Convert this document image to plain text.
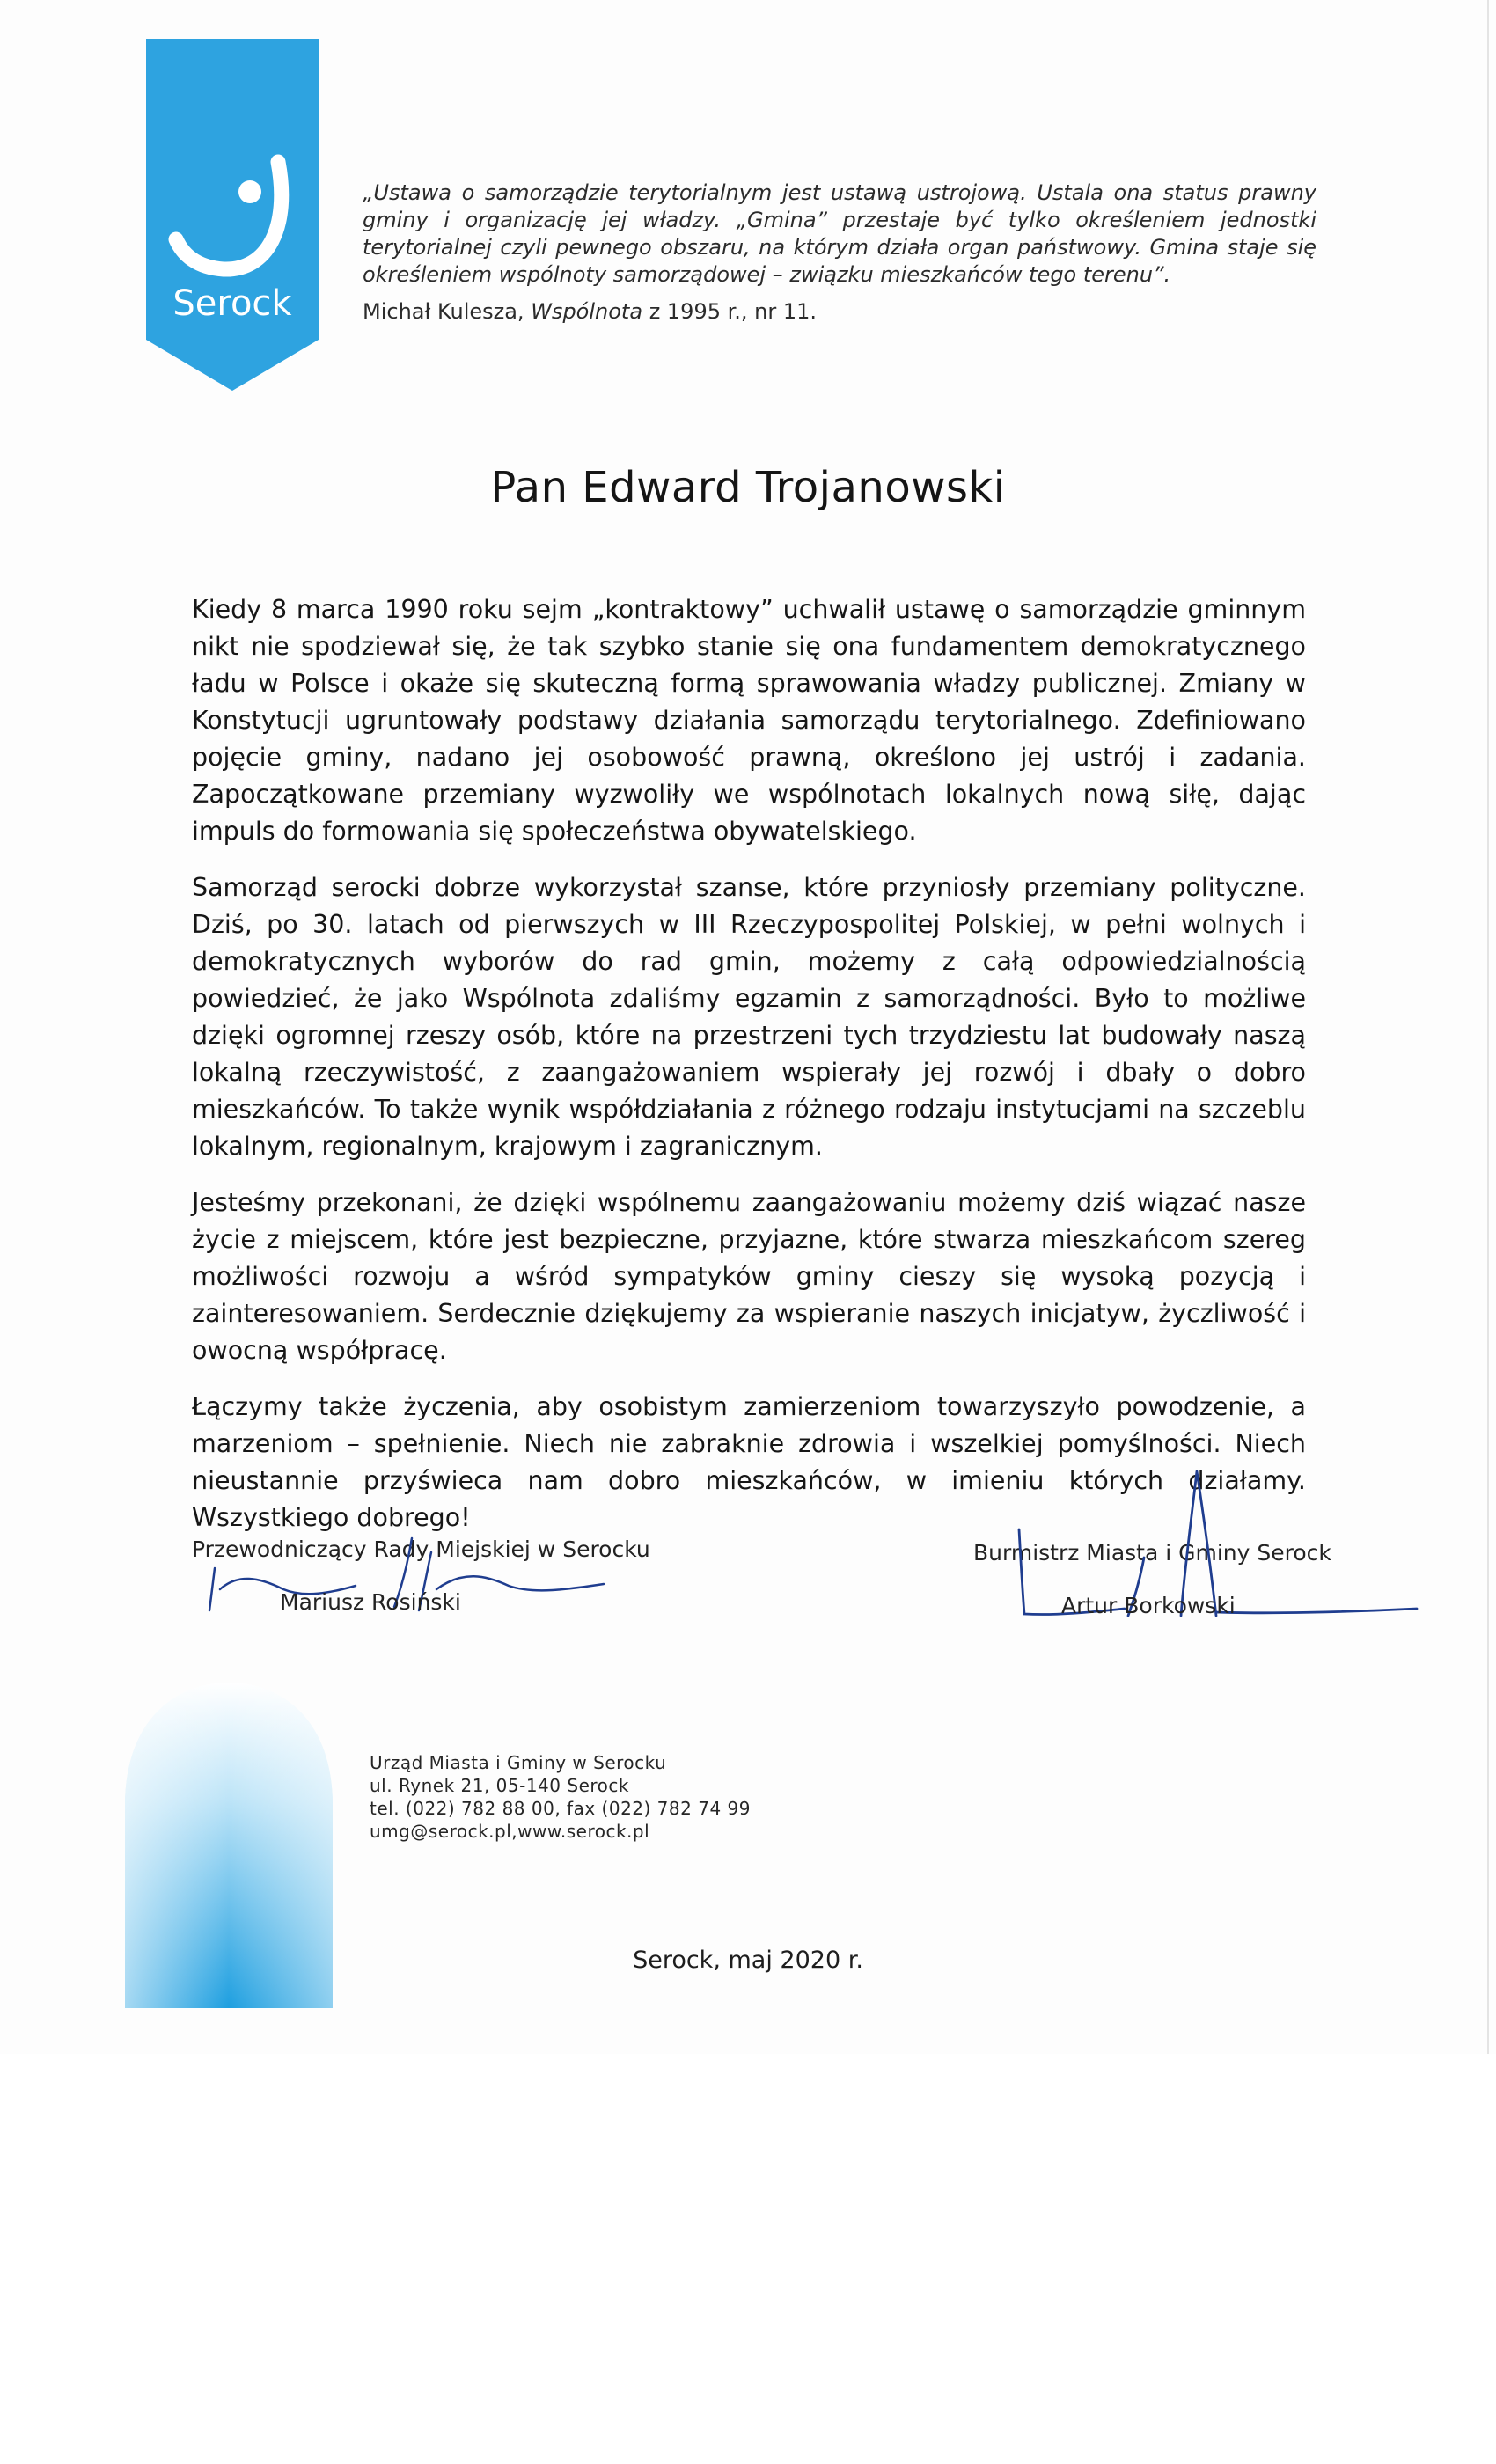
Serock
„Ustawa o samorządzie terytorialnym jest ustawą ustrojową. Ustala ona status prawny gminy i organizację jej władzy. „Gmina” przestaje być tylko określeniem jednostki terytorialnej czyli pewnego obszaru, na którym działa organ państwowy. Gmina staje się określeniem wspólnoty samorządowej – związku mieszkańców tego terenu”.
Michał Kulesza, Wspólnota z 1995 r., nr 11.
Pan Edward Trojanowski

Kiedy 8 marca 1990 roku sejm „kontraktowy” uchwalił ustawę o samorządzie gminnym nikt nie spodziewał się, że tak szybko stanie się ona fundamentem demokratycznego ładu w Polsce i okaże się skuteczną formą sprawowania władzy publicznej. Zmiany w Konstytucji ugruntowały podstawy działania samorządu terytorialnego. Zdefiniowano pojęcie gminy, nadano jej osobowość prawną, określono jej ustrój i zadania. Zapoczątkowane przemiany wyzwoliły we wspólnotach lokalnych nową siłę, dając impuls do formowania się społeczeństwa obywatelskiego.

Samorząd serocki dobrze wykorzystał szanse, które przyniosły przemiany polityczne. Dziś, po 30. latach od pierwszych w III Rzeczypospolitej Polskiej, w pełni wolnych i demokratycznych wyborów do rad gmin, możemy z całą odpowiedzialnością powiedzieć, że jako Wspólnota zdaliśmy egzamin z samorządności. Było to możliwe dzięki ogromnej rzeszy osób, które na przestrzeni tych trzydziestu lat budowały naszą lokalną rzeczywistość, z zaangażowaniem wspierały jej rozwój i dbały o dobro mieszkańców. To także wynik współdziałania z różnego rodzaju instytucjami na szczeblu lokalnym, regionalnym, krajowym i zagranicznym.

Jesteśmy przekonani, że dzięki wspólnemu zaangażowaniu możemy dziś wiązać nasze życie z miejscem, które jest bezpieczne, przyjazne, które stwarza mieszkańcom szereg możliwości rozwoju a wśród sympatyków gminy cieszy się wysoką pozycją i zainteresowaniem. Serdecznie dziękujemy za wspieranie naszych inicjatyw, życzliwość i owocną współpracę.

Łączymy także życzenia, aby osobistym zamierzeniom towarzyszyło powodzenie, a marzeniom – spełnienie. Niech nie zabraknie zdrowia i wszelkiej pomyślności. Niech nieustannie przyświeca nam dobro mieszkańców, w imieniu których działamy. Wszystkiego dobrego!

Przewodniczący Rady Miejskiej w Serocku
Mariusz Rosiński
Burmistrz Miasta i Gminy Serock
Artur Borkowski
Urząd Miasta i Gminy w Serocku
ul. Rynek 21, 05-140 Serock
tel. (022) 782 88 00, fax (022) 782 74 99
umg@serock.pl,www.serock.pl
Serock, maj 2020 r.
